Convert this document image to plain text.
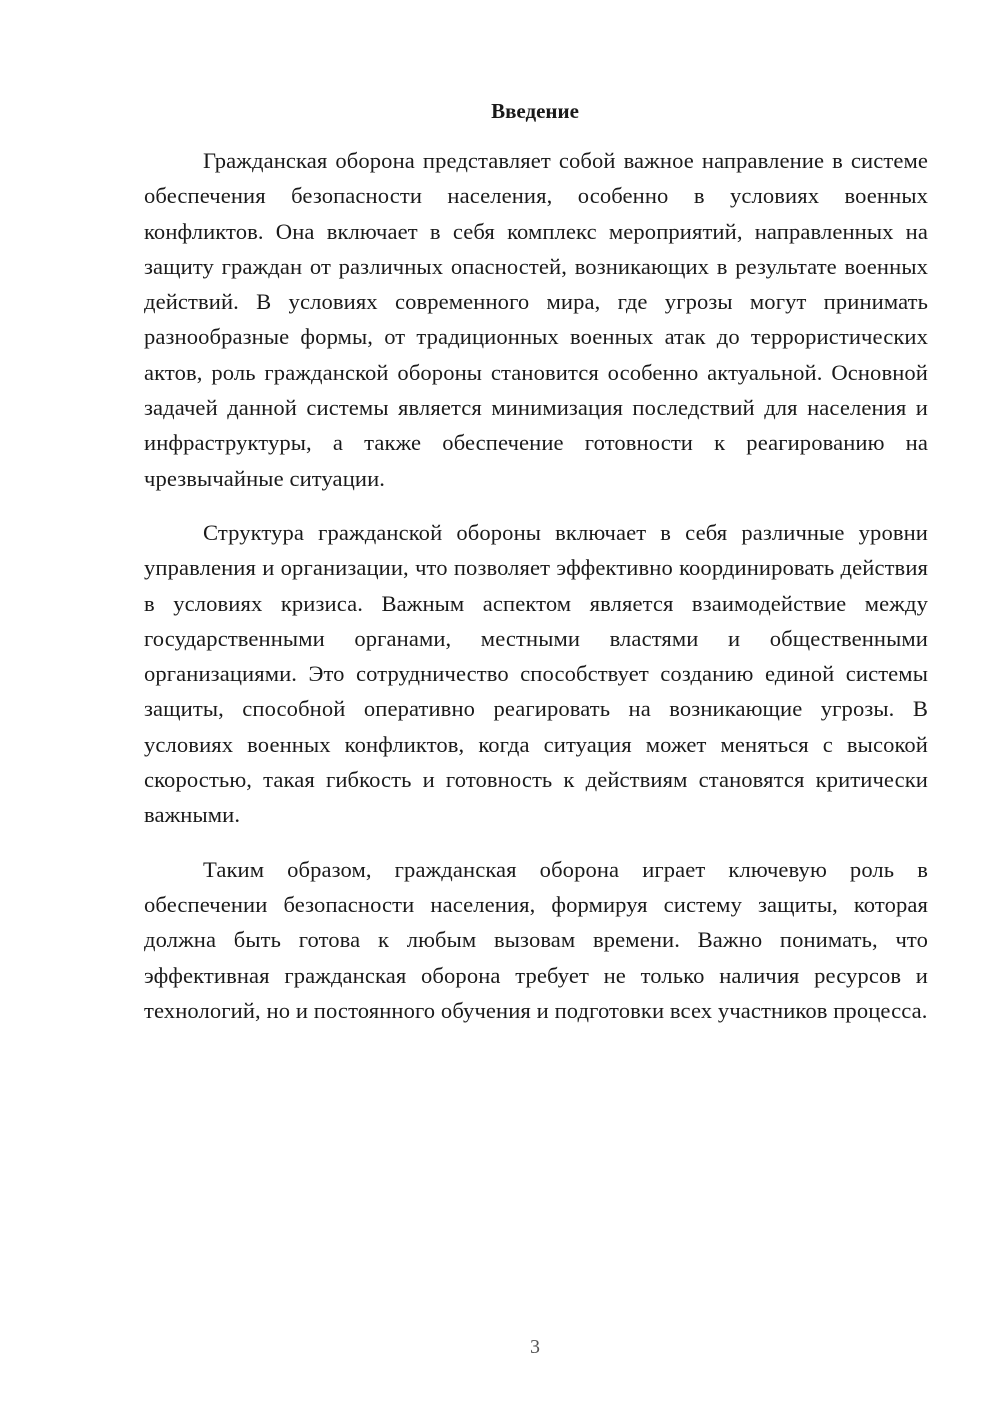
Введение

Гражданская оборона представляет собой важное направление в системе обеспечения безопасности населения, особенно в условиях военных конфликтов. Она включает в себя комплекс мероприятий, направленных на защиту граждан от различных опасностей, возникающих в результате военных действий. В условиях современного мира, где угрозы могут принимать разнообразные формы, от традиционных военных атак до террористических актов, роль гражданской обороны становится особенно актуальной. Основной задачей данной системы является минимизация последствий для населения и инфраструктуры, а также обеспечение готовности к реагированию на чрезвычайные ситуации.

Структура гражданской обороны включает в себя различные уровни управления и организации, что позволяет эффективно координировать действия в условиях кризиса. Важным аспектом является взаимодействие между государственными органами, местными властями и общественными организациями. Это сотрудничество способствует созданию единой системы защиты, способной оперативно реагировать на возникающие угрозы. В условиях военных конфликтов, когда ситуация может меняться с высокой скоростью, такая гибкость и готовность к действиям становятся критически важными.

Таким образом, гражданская оборона играет ключевую роль в обеспечении безопасности населения, формируя систему защиты, которая должна быть готова к любым вызовам времени. Важно понимать, что эффективная гражданская оборона требует не только наличия ресурсов и технологий, но и постоянного обучения и подготовки всех участников процесса.

3
